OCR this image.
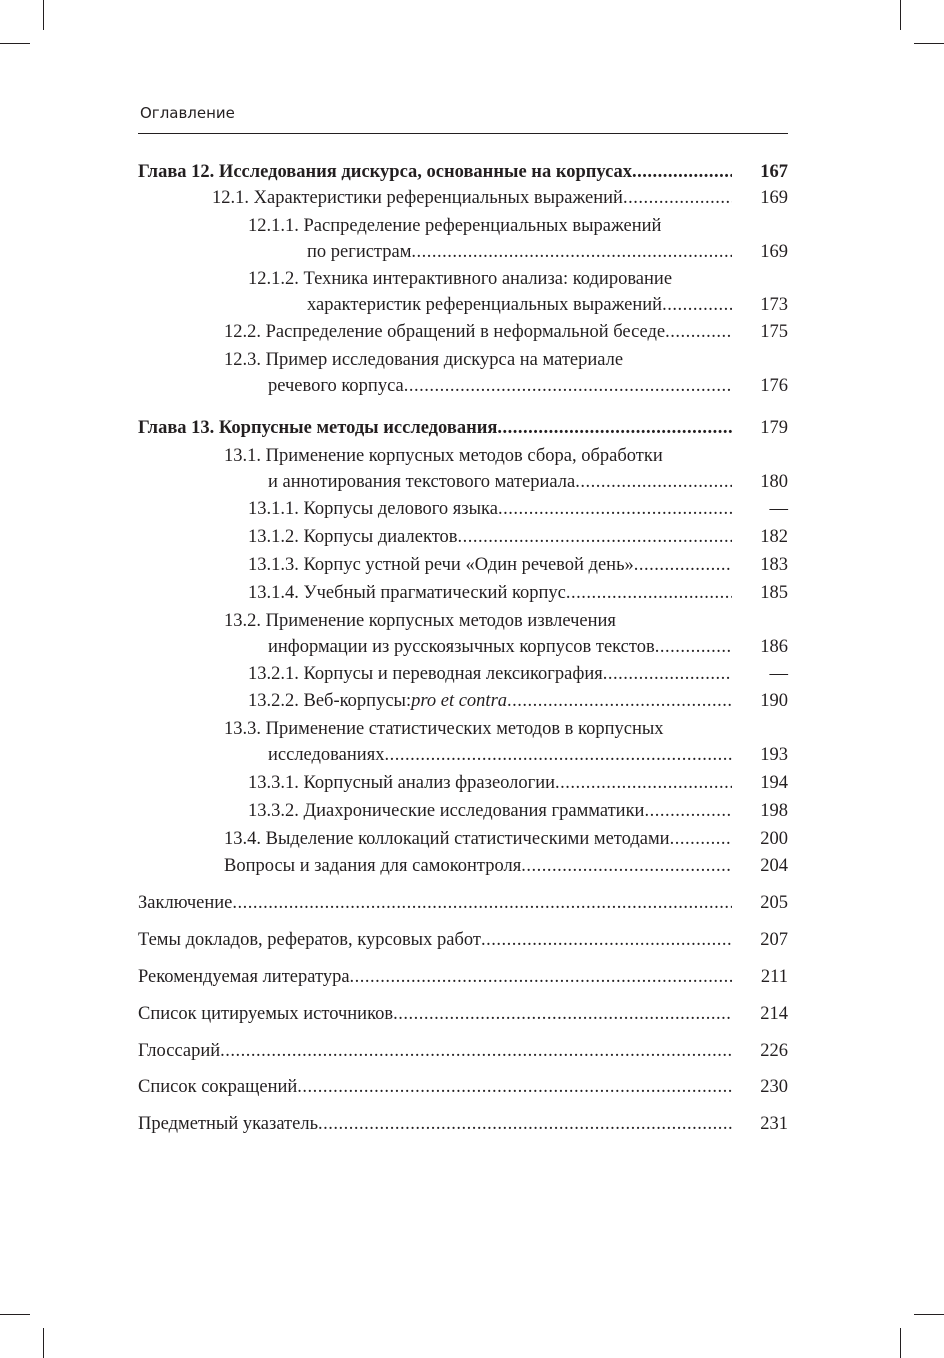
Оглавление
Глава 12. Исследования дискурса, основанные на корпусах .....	167
12.1. Характеристики референциальных выражений .....	169
12.1.1. Распределение референциальных выражений
по регистрам .....	169
12.1.2. Техника интерактивного анализа: кодирование
характеристик референциальных выражений .....	173
12.2. Распределение обращений в неформальной беседе .....	175
12.3. Пример исследования дискурса на материале
речевого корпуса .....	176
Глава 13. Корпусные методы исследования .....	179
13.1. Применение корпусных методов сбора, обработки
и аннотирования текстового материала .....	180
13.1.1. Корпусы делового языка .....	—
13.1.2. Корпусы диалектов .....	182
13.1.3. Корпус устной речи «Один речевой день» .....	183
13.1.4. Учебный прагматический корпус .....	185
13.2. Применение корпусных методов извлечения
информации из русскоязычных корпусов текстов .....	186
13.2.1. Корпусы и переводная лексикография .....	—
13.2.2. Веб-корпусы: pro et contra .....	190
13.3. Применение статистических методов в корпусных
исследованиях .....	193
13.3.1. Корпусный анализ фразеологии .....	194
13.3.2. Диахронические исследования грамматики .....	198
13.4. Выделение коллокаций статистическими методами .....	200
Вопросы и задания для самоконтроля .....	204
Заключение .....	205
Темы докладов, рефератов, курсовых работ .....	207
Рекомендуемая литература .....	211
Список цитируемых источников .....	214
Глоссарий .....	226
Список сокращений .....	230
Предметный указатель .....	231
